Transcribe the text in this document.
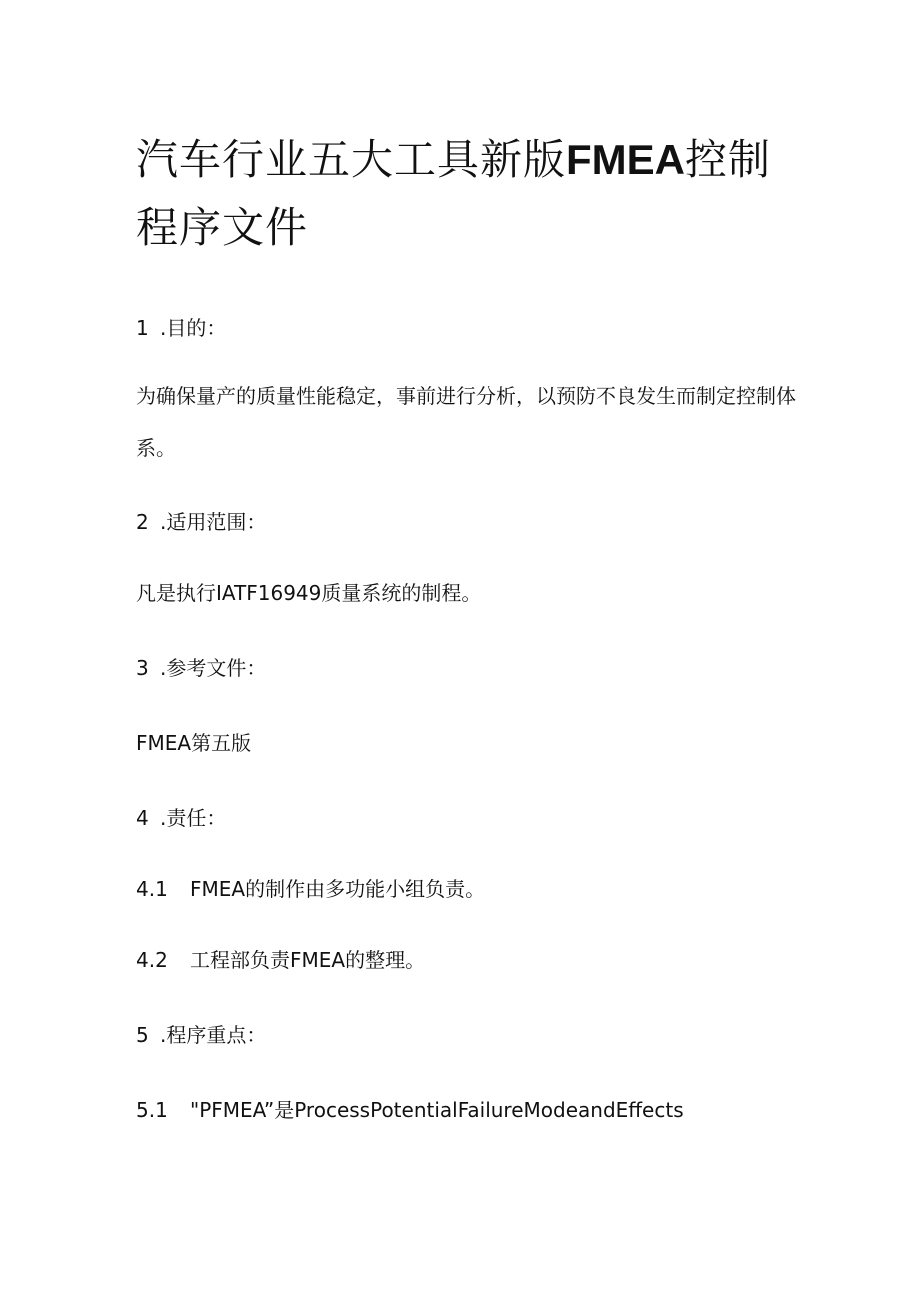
汽车行业五大工具新版FMEA控制程序文件

1 .目的：

为确保量产的质量性能稳定，事前进行分析，以预防不良发生而制定控制体系。

2 .适用范围：

凡是执行IATF16949质量系统的制程。

3 .参考文件：

FMEA第五版

4 .责任：

4.1 FMEA的制作由多功能小组负责。

4.2 工程部负责FMEA的整理。

5 .程序重点：

5.1 "PFMEA”是ProcessPotentialFailureModeandEffects
